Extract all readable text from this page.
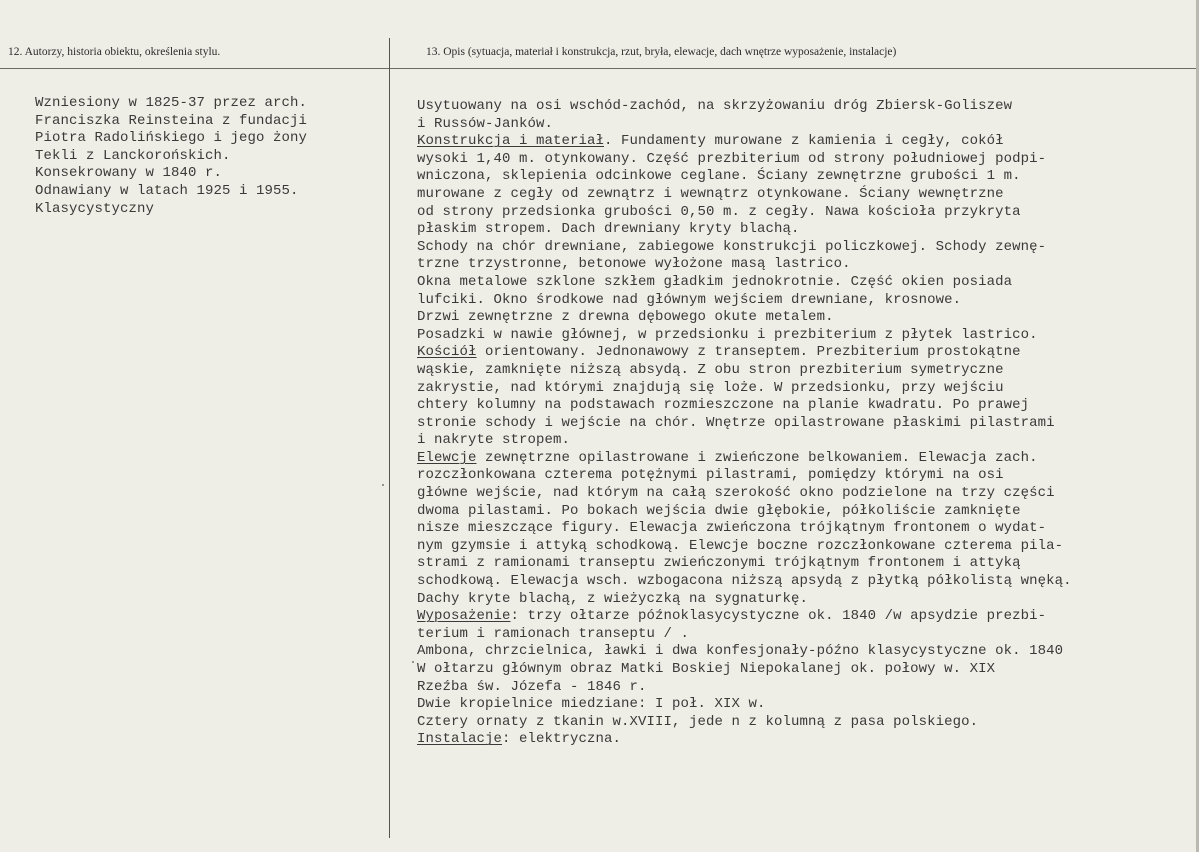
12. Autorzy, historia obiektu, określenia stylu.	13. Opis (sytuacja, materiał i konstrukcja, rzut, bryła, elewacje, dach wnętrze wyposażenie, instalacje)
Wzniesiony w 1825-37 przez arch.
Franciszka Reinsteina z fundacji
Piotra Radolińskiego i jego żony
Tekli z Lanckorońskich.
Konsekrowany w 1840 r.
Odnawiany w latach 1925 i 1955.
Klasycystyczny
Usytuowany na osi wschód-zachód, na skrzyżowaniu dróg Zbiersk-Goliszew
i Russów-Janków.
Konstrukcja i materiał. Fundamenty murowane z kamienia i cegły, cokół
wysoki 1,40 m. otynkowany. Część prezbiterium od strony południowej podpi-
wniczona, sklepienia odcinkowe ceglane. Ściany zewnętrzne grubości 1 m.
murowane z cegły od zewnątrz i wewnątrz otynkowane. Ściany wewnętrzne
od strony przedsionka grubości 0,50 m. z cegły. Nawa kościoła przykryta
płaskim stropem. Dach drewniany kryty blachą.
Schody na chór drewniane, zabiegowe konstrukcji policzkowej. Schody zewnę-
trzne trzystronne, betonowe wyłożone masą lastrico.
Okna metalowe szklone szkłem gładkim jednokrotnie. Część okien posiada
lufciki. Okno środkowe nad głównym wejściem drewniane, krosnowe.
Drzwi zewnętrzne z drewna dębowego okute metalem.
Posadzki w nawie głównej, w przedsionku i prezbiterium z płytek lastrico.
Kościół orientowany. Jednonawowy z transeptem. Prezbiterium prostokątne
wąskie, zamknięte niższą absydą. Z obu stron prezbiterium symetryczne
zakrystie, nad którymi znajdują się loże. W przedsionku, przy wejściu
chtery kolumny na podstawach rozmieszczone na planie kwadratu. Po prawej
stronie schody i wejście na chór. Wnętrze opilastrowane płaskimi pilastrami
i nakryte stropem.
Elewcje zewnętrzne opilastrowane i zwieńczone belkowaniem. Elewacja zach.
rozczłonkowana czterema potężnymi pilastrami, pomiędzy którymi na osi
główne wejście, nad którym na całą szerokość okno podzielone na trzy części
dwoma pilastami. Po bokach wejścia dwie głębokie, półkoliście zamknięte
nisze mieszczące figury. Elewacja zwieńczona trójkątnym frontonem o wydat-
nym gzymsie i attyką schodkową. Elewcje boczne rozczłonkowane czterema pila-
strami z ramionami transeptu zwieńczonymi trójkątnym frontonem i attyką
schodkową. Elewacja wsch. wzbogacona niższą apsydą z płytką półkolistą wnęką.
Dachy kryte blachą, z wieżyczką na sygnaturkę.
Wyposażenie: trzy ołtarze późnoklasycystyczne ok. 1840 /w apsydzie prezbi-
terium i ramionach transeptu / .
Ambona, chrzcielnica, ławki i dwa konfesjonały-późno klasycystyczne ok. 1840
W ołtarzu głównym obraz Matki Boskiej Niepokalanej ok. połowy w. XIX
Rzeźba św. Józefa - 1846 r.
Dwie kropielnice miedziane: I poł. XIX w.
Cztery ornaty z tkanin w.XVIII, jede n z kolumną z pasa polskiego.
Instalacje: elektryczna.
